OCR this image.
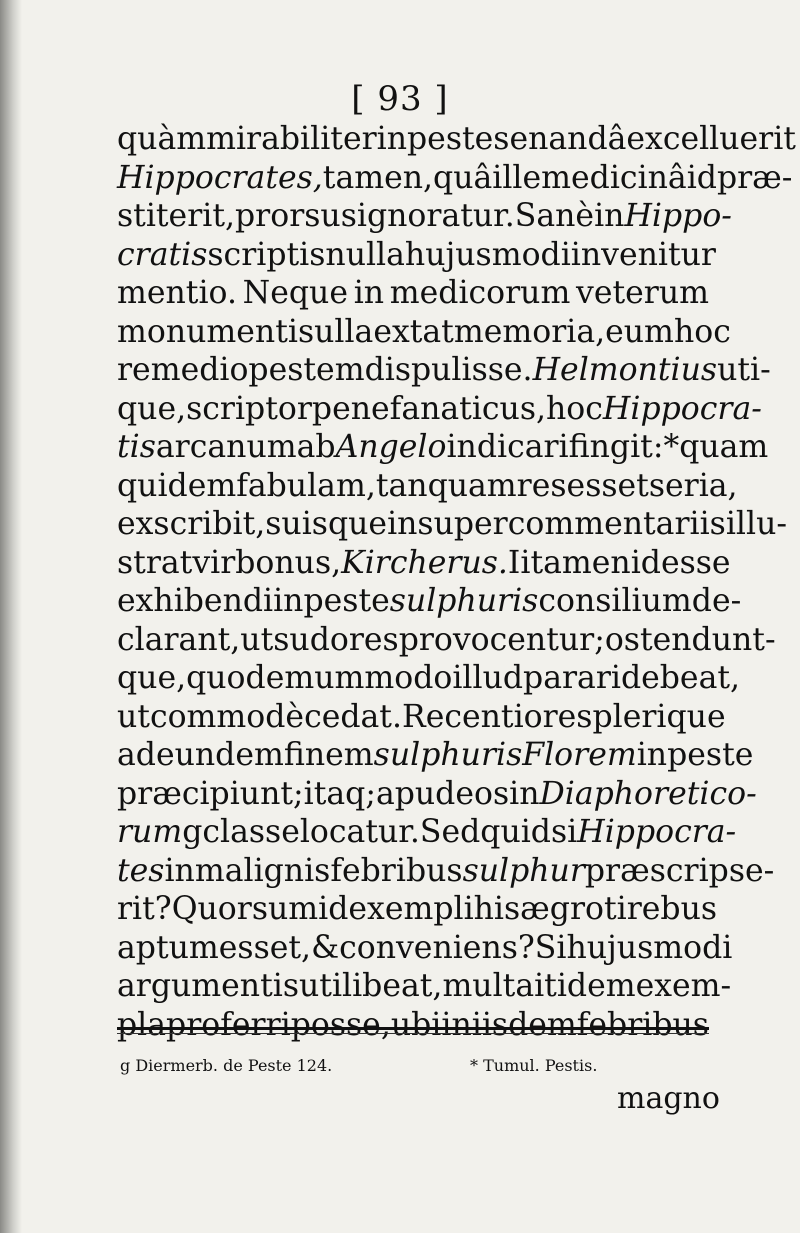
[ 93 ]
quàm mirabiliter in peste senandâ excelluerit
Hippocrates, tamen, quâ ille medicinâ id præ-
stiterit, prorsus ignoratur. Sanè in Hippo-
cratis scriptis nulla hujusmodi invenitur
mentio. Neque in medicorum veterum
monumentis ulla extat memoria, eum hoc
remedio pestem dispulisse. Helmontius uti-
que, scriptor pene fanaticus, hoc Hippocra-
tis arcanum ab Angelo indicari fingit: * quam
quidem fabulam, tanquam res esset seria,
exscribit, suisque insuper commentariis illu-
strat vir bonus, Kircherus. Ii tamen id esse
exhibendi in peste sulphuris consilium de-
clarant, ut sudores provocentur; ostendunt-
que, quo demum modo illud parari debeat,
ut commodè cedat. Recentiores plerique
ad eundem finem sulphuris Florem in peste
præcipiunt; itaq; apud eos in Diaphoretico-
rum g classe locatur. Sed quid si Hippocra-
tes in malignis febribus sulphur præscripse-
rit? Quorsum id exempli his ægroti rebus
aptum esset, & conveniens? Si hujusmodi
argumentis uti libeat, multa itidem exem-
pla proferri posse, ubi in iisdem febribus
g Diermerb. de Peste 124.	* Tumul. Pestis.
magno
